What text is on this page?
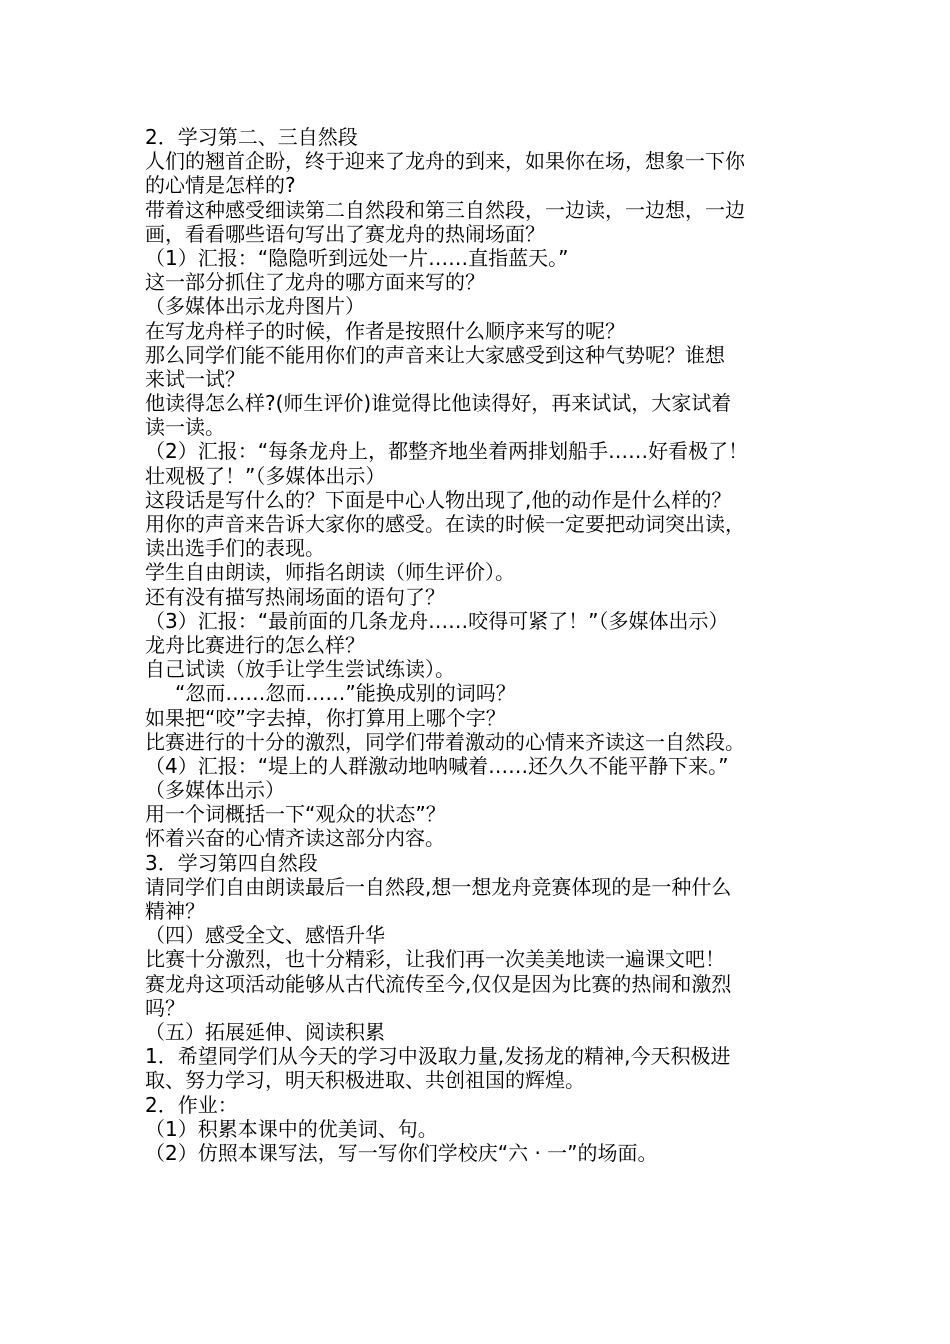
2．学习第二、三自然段
人们的翘首企盼，终于迎来了龙舟的到来，如果你在场，想象一下你
的心情是怎样的?
带着这种感受细读第二自然段和第三自然段，一边读，一边想，一边
画，看看哪些语句写出了赛龙舟的热闹场面？
（1）汇报：“隐隐听到远处一片……直指蓝天。”
这一部分抓住了龙舟的哪方面来写的？
（多媒体出示龙舟图片）
在写龙舟样子的时候，作者是按照什么顺序来写的呢？
那么同学们能不能用你们的声音来让大家感受到这种气势呢？谁想
来试一试？
他读得怎么样?(师生评价)谁觉得比他读得好，再来试试，大家试着
读一读。
（2）汇报：“每条龙舟上，都整齐地坐着两排划船手……好看极了！
壮观极了！”（多媒体出示）
这段话是写什么的？下面是中心人物出现了,他的动作是什么样的？
用你的声音来告诉大家你的感受。在读的时候一定要把动词突出读，
读出选手们的表现。
学生自由朗读，师指名朗读（师生评价）。
还有没有描写热闹场面的语句了？
（3）汇报：“最前面的几条龙舟……咬得可紧了！”（多媒体出示）
龙舟比赛进行的怎么样？
自己试读（放手让学生尝试练读）。
“忽而……忽而……”能换成别的词吗？
如果把“咬”字去掉，你打算用上哪个字？
比赛进行的十分的激烈，同学们带着激动的心情来齐读这一自然段。
（4）汇报：“堤上的人群激动地呐喊着……还久久不能平静下来。”
（多媒体出示）
用一个词概括一下“观众的状态”？
怀着兴奋的心情齐读这部分内容。
3．学习第四自然段
请同学们自由朗读最后一自然段,想一想龙舟竞赛体现的是一种什么
精神？
（四）感受全文、感悟升华
比赛十分激烈，也十分精彩，让我们再一次美美地读一遍课文吧！
赛龙舟这项活动能够从古代流传至今,仅仅是因为比赛的热闹和激烈
吗？
（五）拓展延伸、阅读积累
1．希望同学们从今天的学习中汲取力量,发扬龙的精神,今天积极进
取、努力学习，明天积极进取、共创祖国的辉煌。
2．作业：
（1）积累本课中的优美词、句。
（2）仿照本课写法，写一写你们学校庆“六 · 一”的场面。
